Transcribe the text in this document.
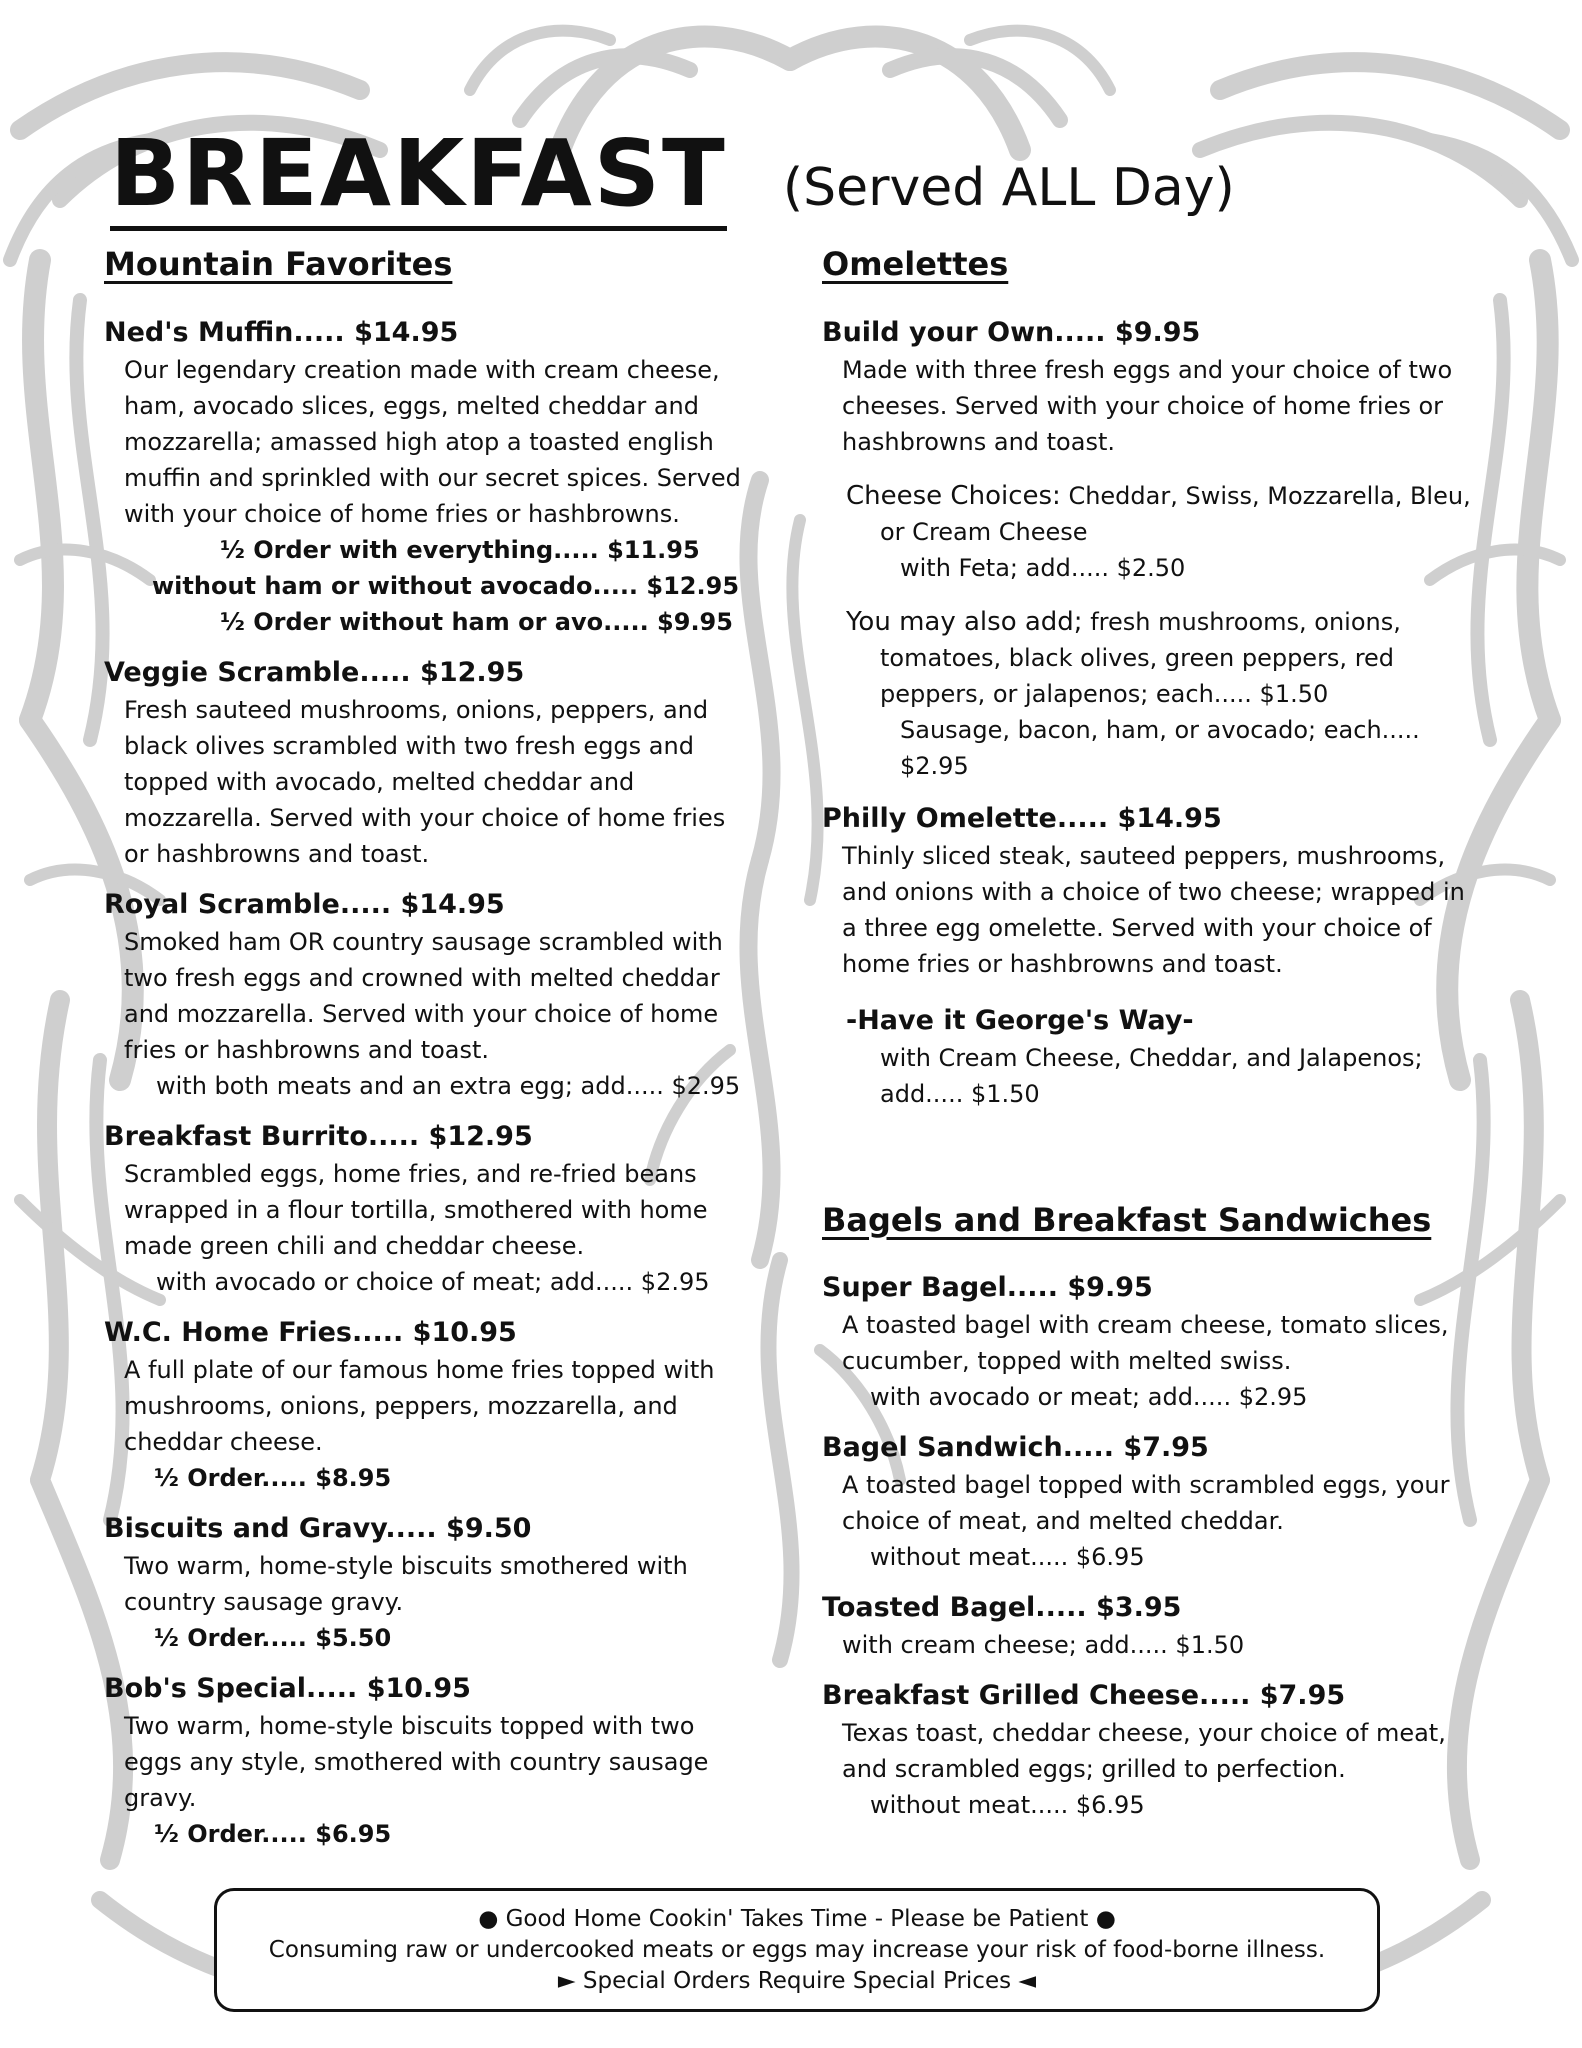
BREAKFAST (Served ALL Day)
Mountain Favorites
Ned's Muffin..... $14.95
Our legendary creation made with cream cheese,
ham, avocado slices, eggs, melted cheddar and
mozzarella; amassed high atop a toasted english
muffin and sprinkled with our secret spices. Served
with your choice of home fries or hashbrowns.
½ Order with everything..... $11.95
without ham or without avocado..... $12.95
½ Order without ham or avo..... $9.95
Veggie Scramble..... $12.95
Fresh sauteed mushrooms, onions, peppers, and
black olives scrambled with two fresh eggs and
topped with avocado, melted cheddar and
mozzarella. Served with your choice of home fries
or hashbrowns and toast.
Royal Scramble..... $14.95
Smoked ham OR country sausage scrambled with
two fresh eggs and crowned with melted cheddar
and mozzarella. Served with your choice of home
fries or hashbrowns and toast.
with both meats and an extra egg; add..... $2.95
Breakfast Burrito..... $12.95
Scrambled eggs, home fries, and re-fried beans
wrapped in a flour tortilla, smothered with home
made green chili and cheddar cheese.
with avocado or choice of meat; add..... $2.95
W.C. Home Fries..... $10.95
A full plate of our famous home fries topped with
mushrooms, onions, peppers, mozzarella, and
cheddar cheese.
½ Order..... $8.95
Biscuits and Gravy..... $9.50
Two warm, home-style biscuits smothered with
country sausage gravy.
½ Order..... $5.50
Bob's Special..... $10.95
Two warm, home-style biscuits topped with two
eggs any style, smothered with country sausage
gravy.
½ Order..... $6.95
Omelettes
Build your Own..... $9.95
Made with three fresh eggs and your choice of two
cheeses. Served with your choice of home fries or
hashbrowns and toast.
Cheese Choices: Cheddar, Swiss, Mozzarella, Bleu,
or Cream Cheese
with Feta; add..... $2.50
You may also add; fresh mushrooms, onions,
tomatoes, black olives, green peppers, red
peppers, or jalapenos; each..... $1.50
Sausage, bacon, ham, or avocado; each..... $2.95
Philly Omelette..... $14.95
Thinly sliced steak, sauteed peppers, mushrooms,
and onions with a choice of two cheese; wrapped in
a three egg omelette. Served with your choice of
home fries or hashbrowns and toast.
-Have it George's Way-
with Cream Cheese, Cheddar, and Jalapenos;
add..... $1.50
Bagels and Breakfast Sandwiches
Super Bagel..... $9.95
A toasted bagel with cream cheese, tomato slices,
cucumber, topped with melted swiss.
with avocado or meat; add..... $2.95
Bagel Sandwich..... $7.95
A toasted bagel topped with scrambled eggs, your
choice of meat, and melted cheddar.
without meat..... $6.95
Toasted Bagel..... $3.95
with cream cheese; add..... $1.50
Breakfast Grilled Cheese..... $7.95
Texas toast, cheddar cheese, your choice of meat,
and scrambled eggs; grilled to perfection.
without meat..... $6.95
● Good Home Cookin' Takes Time - Please be Patient ●
Consuming raw or undercooked meats or eggs may increase your risk of food-borne illness.
► Special Orders Require Special Prices ◄
